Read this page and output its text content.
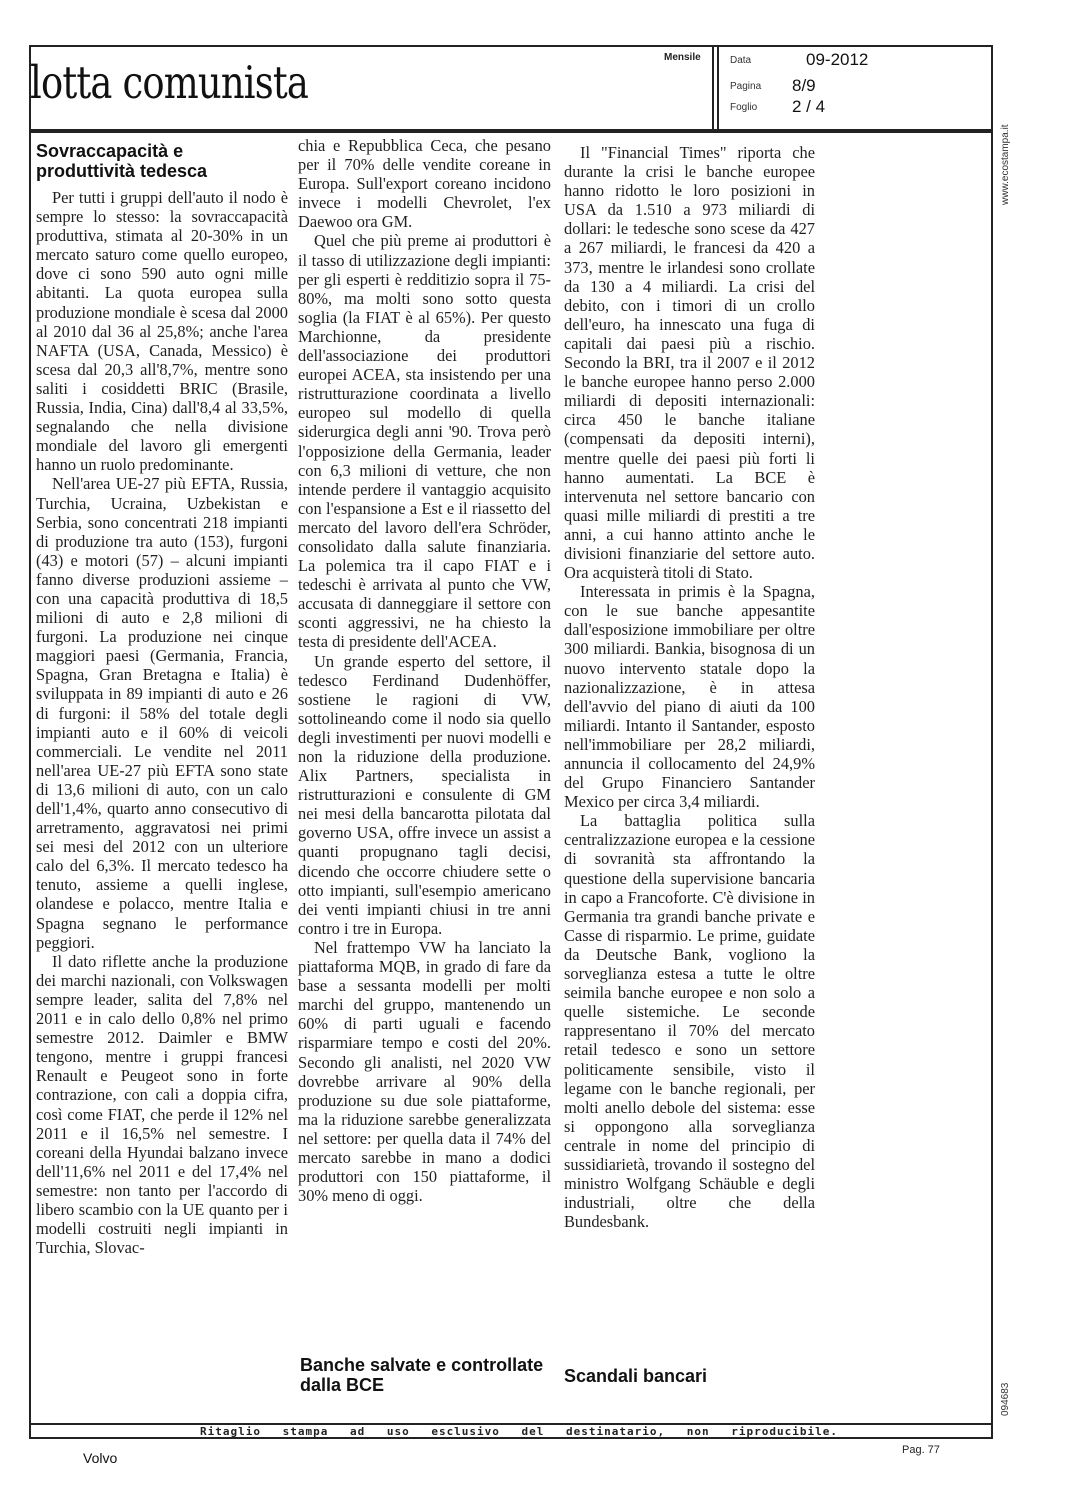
lotta comunista	Mensile	Data	09-2012
Pagina 8/9
Foglio 2 / 4
Sovraccapacità e produttività tedesca

Per tutti i gruppi dell'auto il nodo è sempre lo stesso: la sovraccapacità produttiva, stimata al 20-30% in un mercato saturo come quello europeo, dove ci sono 590 auto ogni mille abitanti. La quota europea sulla produzione mondiale è scesa dal 2000 al 2010 dal 36 al 25,8%; anche l'area NAFTA (USA, Canada, Messico) è scesa dal 20,3 all'8,7%, mentre sono saliti i cosiddetti BRIC (Brasile, Russia, India, Cina) dall'8,4 al 33,5%, segnalando che nella divisione mondiale del lavoro gli emergenti hanno un ruolo predominante.

Nell'area UE-27 più EFTA, Russia, Turchia, Ucraina, Uzbekistan e Serbia, sono concentrati 218 impianti di produzione tra auto (153), furgoni (43) e motori (57) – alcuni impianti fanno diverse produzioni assieme – con una capacità produttiva di 18,5 milioni di auto e 2,8 milioni di furgoni. La produzione nei cinque maggiori paesi (Germania, Francia, Spagna, Gran Bretagna e Italia) è sviluppata in 89 impianti di auto e 26 di furgoni: il 58% del totale degli impianti auto e il 60% di veicoli commerciali. Le vendite nel 2011 nell'area UE-27 più EFTA sono state di 13,6 milioni di auto, con un calo dell'1,4%, quarto anno consecutivo di arretramento, aggravatosi nei primi sei mesi del 2012 con un ulteriore calo del 6,3%. Il mercato tedesco ha tenuto, assieme a quelli inglese, olandese e polacco, mentre Italia e Spagna segnano le performance peggiori.

Il dato riflette anche la produzione dei marchi nazionali, con Volkswagen sempre leader, salita del 7,8% nel 2011 e in calo dello 0,8% nel primo semestre 2012. Daimler e BMW tengono, mentre i gruppi francesi Renault e Peugeot sono in forte contrazione, con cali a doppia cifra, così come FIAT, che perde il 12% nel 2011 e il 16,5% nel semestre. I coreani della Hyundai balzano invece dell'11,6% nel 2011 e del 17,4% nel semestre: non tanto per l'accordo di libero scambio con la UE quanto per i modelli costruiti negli impianti in Turchia, Slovac-

chia e Repubblica Ceca, che pesano per il 70% delle vendite coreane in Europa. Sull'export coreano incidono invece i modelli Chevrolet, l'ex Daewoo ora GM.

Quel che più preme ai produttori è il tasso di utilizzazione degli impianti: per gli esperti è redditizio sopra il 75-80%, ma molti sono sotto questa soglia (la FIAT è al 65%). Per questo Marchionne, da presidente dell'associazione dei produttori europei ACEA, sta insistendo per una ristrutturazione coordinata a livello europeo sul modello di quella siderurgica degli anni '90. Trova però l'opposizione della Germania, leader con 6,3 milioni di vetture, che non intende perdere il vantaggio acquisito con l'espansione a Est e il riassetto del mercato del lavoro dell'era Schröder, consolidato dalla salute finanziaria. La polemica tra il capo FIAT e i tedeschi è arrivata al punto che VW, accusata di danneggiare il settore con sconti aggressivi, ne ha chiesto la testa di presidente dell'ACEA.

Un grande esperto del settore, il tedesco Ferdinand Dudenhöffer, sostiene le ragioni di VW, sottolineando come il nodo sia quello degli investimenti per nuovi modelli e non la riduzione della produzione. Alix Partners, specialista in ristrutturazioni e consulente di GM nei mesi della bancarotta pilotata dal governo USA, offre invece un assist a quanti propugnano tagli decisi, dicendo che occorre chiudere sette o otto impianti, sull'esempio americano dei venti impianti chiusi in tre anni contro i tre in Europa.

Nel frattempo VW ha lanciato la piattaforma MQB, in grado di fare da base a sessanta modelli per molti marchi del gruppo, mantenendo un 60% di parti uguali e facendo risparmiare tempo e costi del 20%. Secondo gli analisti, nel 2020 VW dovrebbe arrivare al 90% della produzione su due sole piattaforme, ma la riduzione sarebbe generalizzata nel settore: per quella data il 74% del mercato sarebbe in mano a dodici produttori con 150 piattaforme, il 30% meno di oggi.

Banche salvate e controllate dalla BCE

Il "Financial Times" riporta che durante la crisi le banche europee hanno ridotto le loro posizioni in USA da 1.510 a 973 miliardi di dollari: le tedesche sono scese da 427 a 267 miliardi, le francesi da 420 a 373, mentre le irlandesi sono crollate da 130 a 4 miliardi. La crisi del debito, con i timori di un crollo dell'euro, ha innescato una fuga di capitali dai paesi più a rischio. Secondo la BRI, tra il 2007 e il 2012 le banche europee hanno perso 2.000 miliardi di depositi internazionali: circa 450 le banche italiane (compensati da depositi interni), mentre quelle dei paesi più forti li hanno aumentati. La BCE è intervenuta nel settore bancario con quasi mille miliardi di prestiti a tre anni, a cui hanno attinto anche le divisioni finanziarie del settore auto. Ora acquisterà titoli di Stato.

Interessata in primis è la Spagna, con le sue banche appesantite dall'esposizione immobiliare per oltre 300 miliardi. Bankia, bisognosa di un nuovo intervento statale dopo la nazionalizzazione, è in attesa dell'avvio del piano di aiuti da 100 miliardi. Intanto il Santander, esposto nell'immobiliare per 28,2 miliardi, annuncia il collocamento del 24,9% del Grupo Financiero Santander Mexico per circa 3,4 miliardi.

La battaglia politica sulla centralizzazione europea e la cessione di sovranità sta affrontando la questione della supervisione bancaria in capo a Francoforte. C'è divisione in Germania tra grandi banche private e Casse di risparmio. Le prime, guidate da Deutsche Bank, vogliono la sorveglianza estesa a tutte le oltre seimila banche europee e non solo a quelle sistemiche. Le seconde rappresentano il 70% del mercato retail tedesco e sono un settore politicamente sensibile, visto il legame con le banche regionali, per molti anello debole del sistema: esse si oppongono alla sorveglianza centrale in nome del principio di sussidiarietà, trovando il sostegno del ministro Wolfgang Schäuble e degli industriali, oltre che della Bundesbank.

Scandali bancari
www.ecostampa.it
094683
Ritaglio stampa ad uso esclusivo del destinatario, non riproducibile.
Volvo	Pag. 77
